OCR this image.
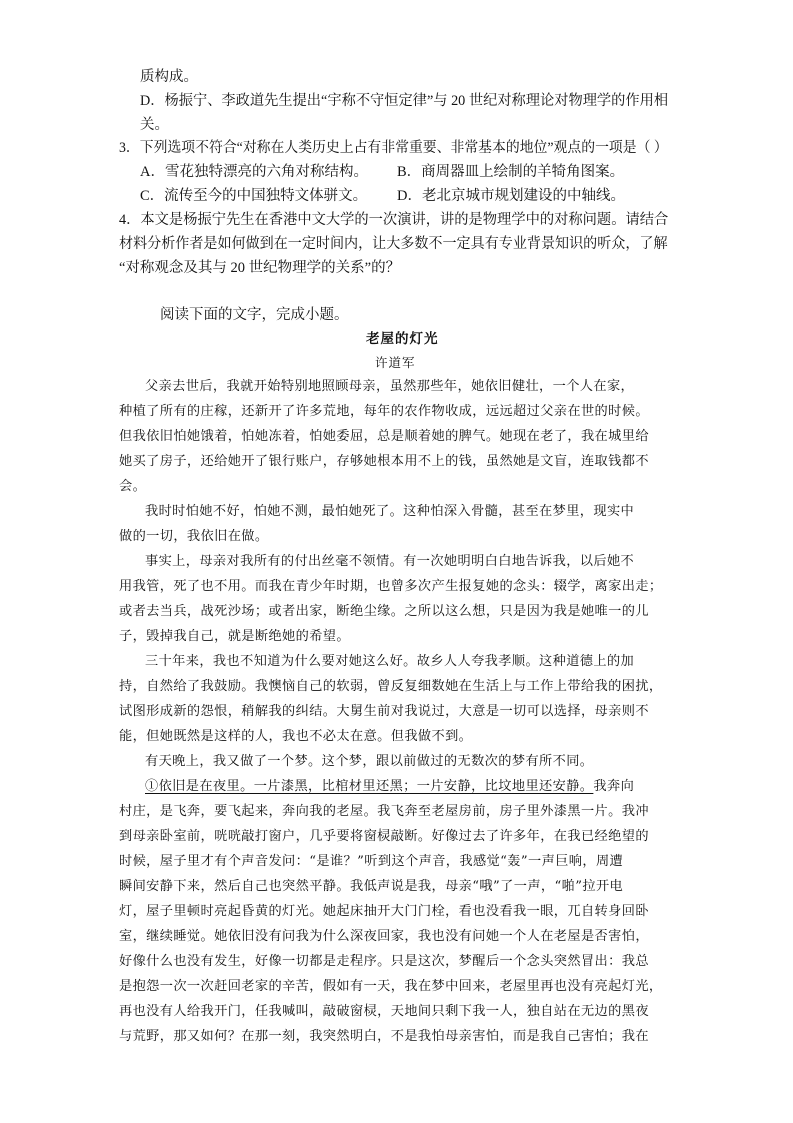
质构成。
D．杨振宁、李政道先生提出“宇称不守恒定律”与 20 世纪对称理论对物理学的作用相
关。
3．下列选项不符合“对称在人类历史上占有非常重要、非常基本的地位”观点的一项是（ ）
A．雪花独特漂亮的六角对称结构。 B．商周器皿上绘制的羊犄角图案。
C．流传至今的中国独特文体骈文。 D．老北京城市规划建设的中轴线。
4．本文是杨振宁先生在香港中文大学的一次演讲，讲的是物理学中的对称问题。请结合
材料分析作者是如何做到在一定时间内，让大多数不一定具有专业背景知识的听众，了解
“对称观念及其与 20 世纪物理学的关系”的？
阅读下面的文字，完成小题。
老屋的灯光
许道军
父亲去世后，我就开始特别地照顾母亲，虽然那些年，她依旧健壮，一个人在家，
种植了所有的庄稼，还新开了许多荒地，每年的农作物收成，远远超过父亲在世的时候。
但我依旧怕她饿着，怕她冻着，怕她委屈，总是顺着她的脾气。她现在老了，我在城里给
她买了房子，还给她开了银行账户，存够她根本用不上的钱，虽然她是文盲，连取钱都不
会。
我时时怕她不好，怕她不测，最怕她死了。这种怕深入骨髓，甚至在梦里，现实中
做的一切，我依旧在做。
事实上，母亲对我所有的付出丝毫不领情。有一次她明明白白地告诉我，以后她不
用我管，死了也不用。而我在青少年时期，也曾多次产生报复她的念头：辍学，离家出走；
或者去当兵，战死沙场；或者出家，断绝尘缘。之所以这么想，只是因为我是她唯一的儿
子，毁掉我自己，就是断绝她的希望。
三十年来，我也不知道为什么要对她这么好。故乡人人夸我孝顺。这种道德上的加
持，自然给了我鼓励。我懊恼自己的软弱，曾反复细数她在生活上与工作上带给我的困扰，
试图形成新的怨恨，稍解我的纠结。大舅生前对我说过，大意是一切可以选择，母亲则不
能，但她既然是这样的人，我也不必太在意。但我做不到。
有天晚上，我又做了一个梦。这个梦，跟以前做过的无数次的梦有所不同。
①依旧是在夜里。一片漆黑，比棺材里还黑；一片安静，比坟地里还安静。我奔向
村庄，是飞奔，要飞起来，奔向我的老屋。我飞奔至老屋房前，房子里外漆黑一片。我冲
到母亲卧室前，咣咣敲打窗户，几乎要将窗棂敲断。好像过去了许多年，在我已经绝望的
时候，屋子里才有个声音发问：“是谁？”听到这个声音，我感觉“轰”一声巨响，周遭
瞬间安静下来，然后自己也突然平静。我低声说是我，母亲“哦”了一声，“啪”拉开电
灯，屋子里顿时亮起昏黄的灯光。她起床抽开大门门栓，看也没看我一眼，兀自转身回卧
室，继续睡觉。她依旧没有问我为什么深夜回家，我也没有问她一个人在老屋是否害怕，
好像什么也没有发生，好像一切都是走程序。只是这次，梦醒后一个念头突然冒出：我总
是抱怨一次一次赶回老家的辛苦，假如有一天，我在梦中回来，老屋里再也没有亮起灯光，
再也没有人给我开门，任我喊叫，敲破窗棂，天地间只剩下我一人，独自站在无边的黑夜
与荒野，那又如何？在那一刻，我突然明白，不是我怕母亲害怕，而是我自己害怕；我在
